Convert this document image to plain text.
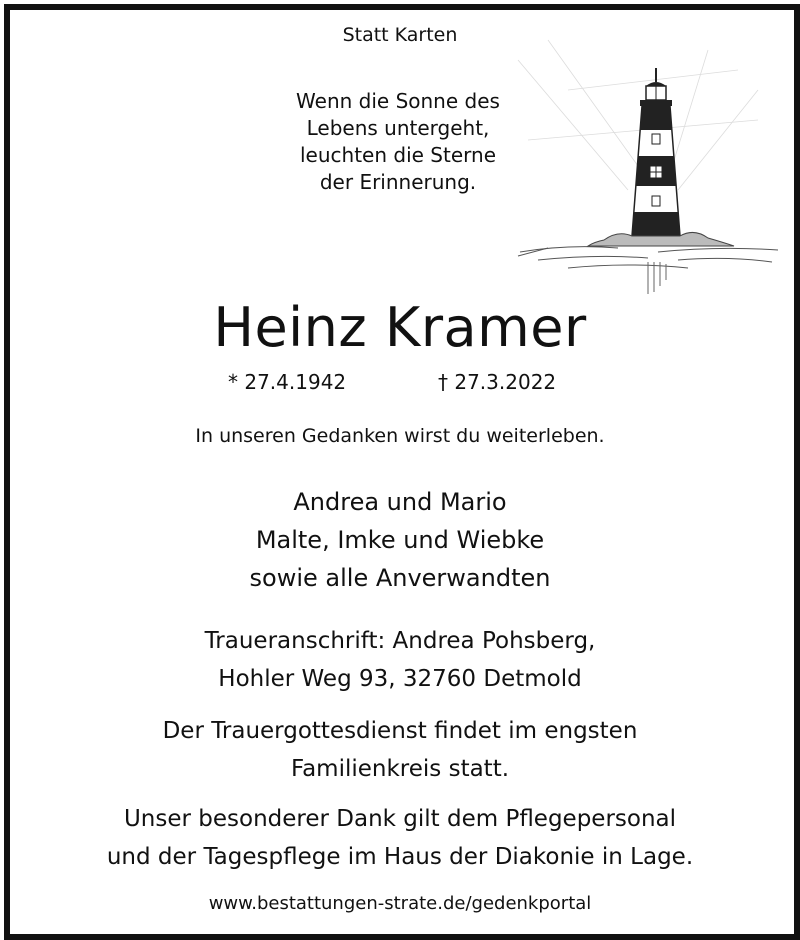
Statt Karten
Wenn die Sonne des
Lebens untergeht,
leuchten die Sterne
der Erinnerung.
Heinz Kramer
* 27.4.1942	† 27.3.2022
In unseren Gedanken wirst du weiterleben.
Andrea und Mario
Malte, Imke und Wiebke
sowie alle Anverwandten
Traueranschrift: Andrea Pohsberg,
Hohler Weg 93, 32760 Detmold
Der Trauergottesdienst findet im engsten
Familienkreis statt.
Unser besonderer Dank gilt dem Pflegepersonal
und der Tagespflege im Haus der Diakonie in Lage.
www.bestattungen-strate.de/gedenkportal
